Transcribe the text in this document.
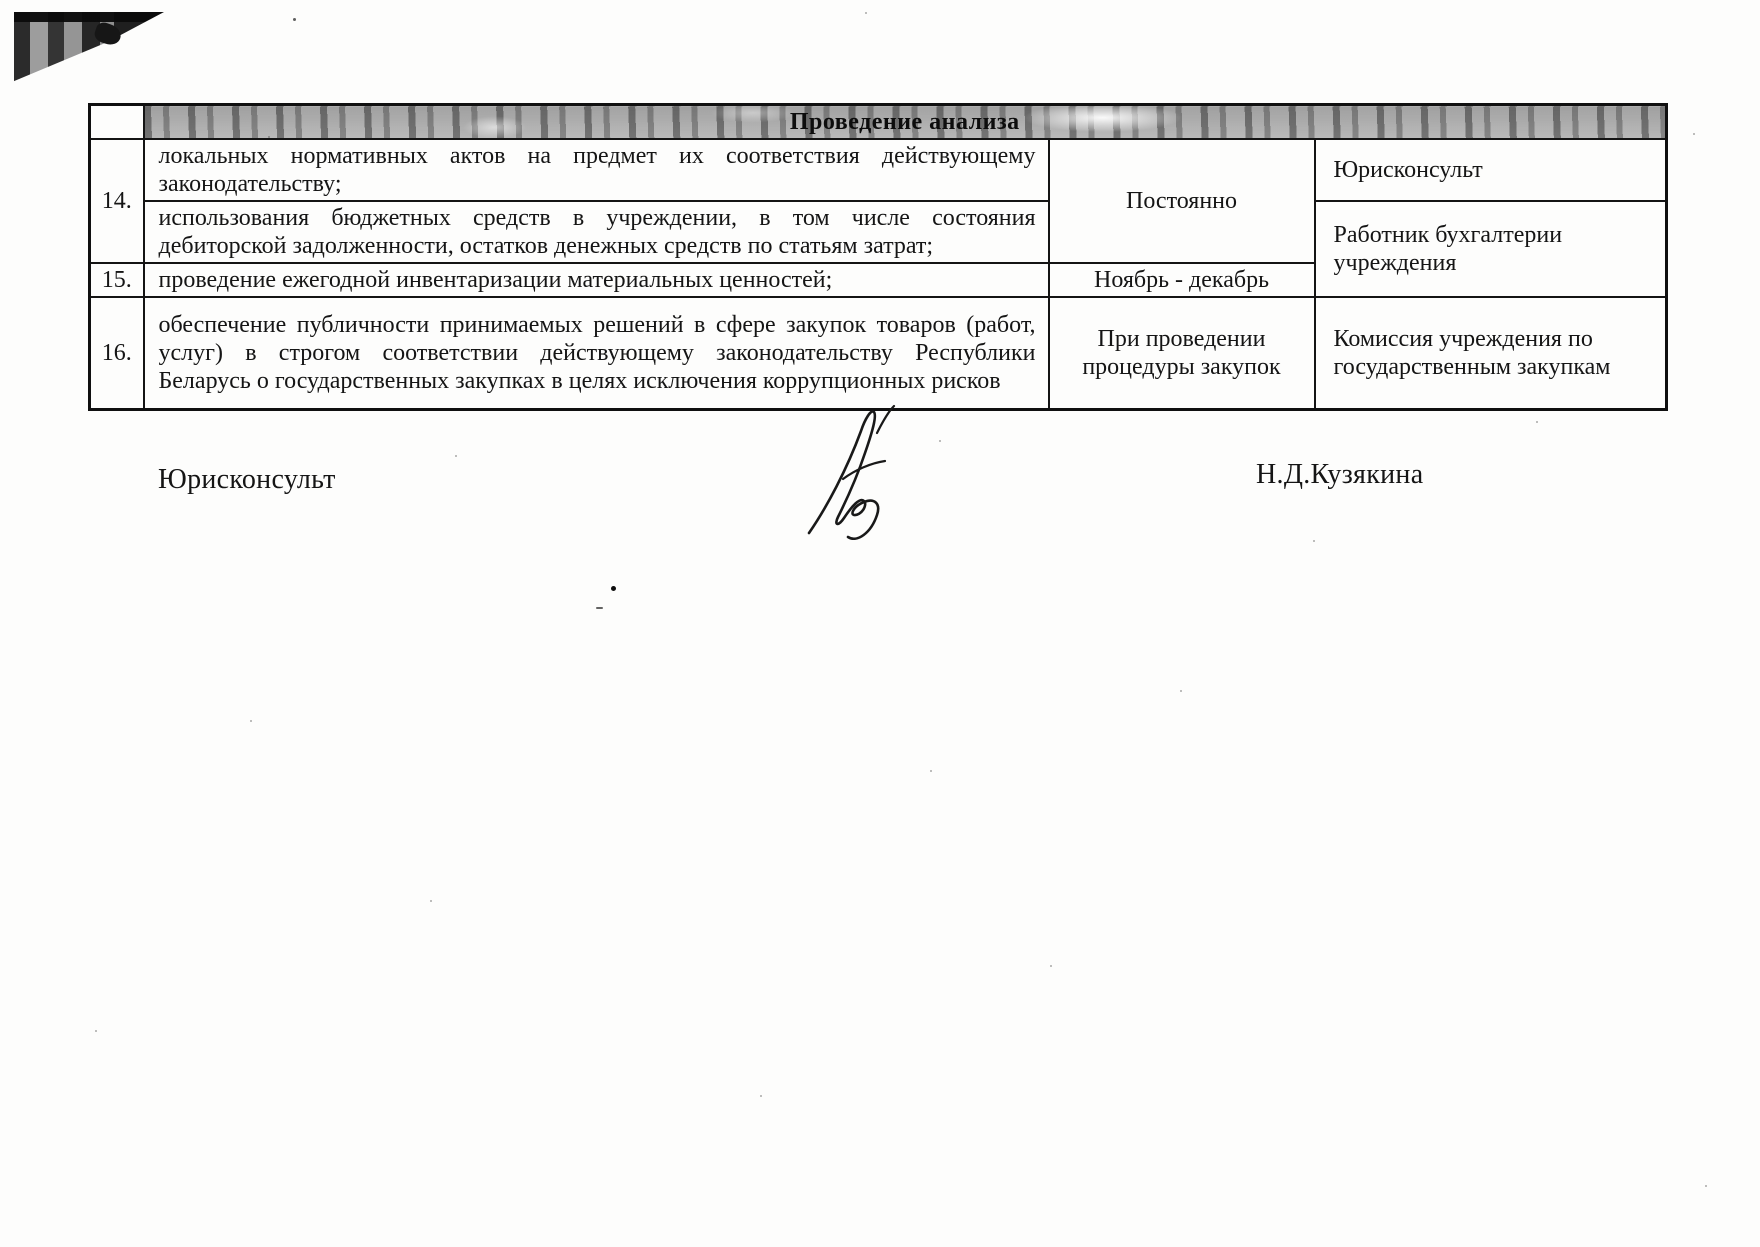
	Проведение анализа		
14.	локальных нормативных актов на предмет их соответствия действующему законодательству;	Постоянно	Юрисконсульт
	использования бюджетных средств в учреждении, в том числе состояния дебиторской задолженности, остатков денежных средств по статьям затрат;		Работник бухгалтерии учреждения
15.	проведение ежегодной инвентаризации материальных ценностей;	Ноябрь - декабрь	
16.	обеспечение публичности принимаемых решений в сфере закупок товаров (работ, услуг) в строгом соответствии действующему законодательству Республики Беларусь о государственных закупках в целях исключения коррупционных рисков	При проведении процедуры закупок	Комиссия учреждения по государственным закупкам
Юрисконсульт	Н.Д.Кузякина
